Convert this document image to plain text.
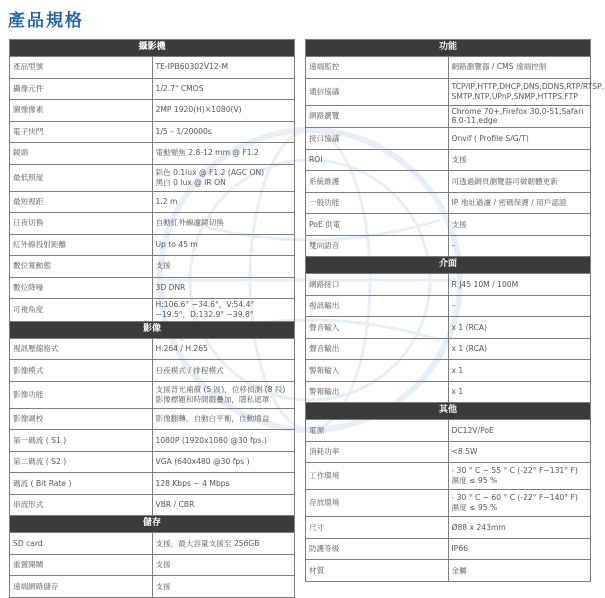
產品規格
攝影機	
產品型號	TE-IPB60302V12-M
攝像元件	1/2.7" CMOS
圖像像素	2MP 1920(H)×1080(V)
電子快門	1/5 – 1/20000s
鏡頭	電動變焦 2.8-12 mm @ F1.2
最低照度	彩色 0.1lux @ F1.2 (AGC ON)
黑白 0 lux @ IR ON

最短視距	1.2 m
日夜切換	自動紅外線濾鏡切換
紅外線投射距離	Up to 45 m
數位寬動態	支援
數位降噪	3D DNR
可視角度	H:106.6° ~34.6°，V:54.4° ~19.5°，D:132.9° ~39.8°
影像	
視訊壓縮格式	H.264 / H.265
影像模式	日夜模式 / 排程模式
影像功能	支援背光補償 (5 區)，位移偵測 (8 段)
影像標題和時間戳疊加，隱私遮罩

影像調校	影像翻轉，自動白平衡，自動增益
第一碼流 ( S1 )	1080P (1920x1080 @30 fps )
第二碼流 ( S2 )	VGA (640x480 @30 fps )
碼流 ( Bit Rate )	128 Kbps ~ 4 Mbps
串流形式	VBR / CBR
儲存	
SD card	支援，最大容量支援至 256GB
重置開關	支援
遠端網路儲存	支援
功能	
遠端監控	網路瀏覽器 / CMS 遠端控制
通信協議	TCP/IP,HTTP,DHCP,DNS,DDNS,RTP/RTSP,
SMTP,NTP,UPnP,SNMP,HTTPS,FTP

網路瀏覽	Chrome 70+,Firefox 30.0-51,Safari 8.0-11,edge
接口協議	Onvif ( Profile S/G/T)
ROI	支援
系統維護	可透過網頁瀏覽器可做韌體更新
一般功能	IP 地址過濾 / 密碼保護 / 用戶認證
PoE 供電	支援
雙向語音	–
介面	
網路接口	R J45 10M / 100M
視訊輸出	–
聲音輸入	x 1 (RCA)
聲音輸出	x 1 (RCA)
警報輸入	x 1
警報輸出	x 1
其他	
電源	DC12V/PoE
消耗功率	<8.5W
工作環境	- 30 ° C ~ 55 ° C (-22° F~131° F)
濕度 ≤ 95 %

存放環境	- 30 ° C ~ 60 ° C (-22° F~140° F)
濕度 ≤ 95 %

尺寸	Ø88 x 243mm
防護等級	IP66
材質	金屬
